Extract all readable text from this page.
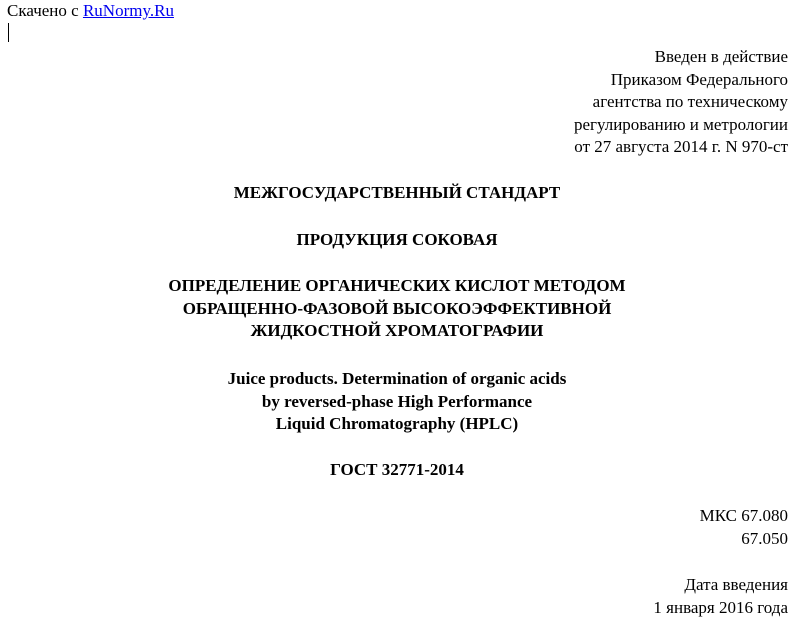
Скачено с RuNormy.Ru
Введен в действие
Приказом Федерального
агентства по техническому
регулированию и метрологии
от 27 августа 2014 г. N 970-ст
МЕЖГОСУДАРСТВЕННЫЙ СТАНДАРТ
ПРОДУКЦИЯ СОКОВАЯ
ОПРЕДЕЛЕНИЕ ОРГАНИЧЕСКИХ КИСЛОТ МЕТОДОМ
ОБРАЩЕННО-ФАЗОВОЙ ВЫСОКОЭФФЕКТИВНОЙ
ЖИДКОСТНОЙ ХРОМАТОГРАФИИ
Juice products. Determination of organic acids
by reversed-phase High Performance
Liquid Chromatography (HPLC)
ГОСТ 32771-2014
МКС 67.080
67.050
Дата введения
1 января 2016 года
